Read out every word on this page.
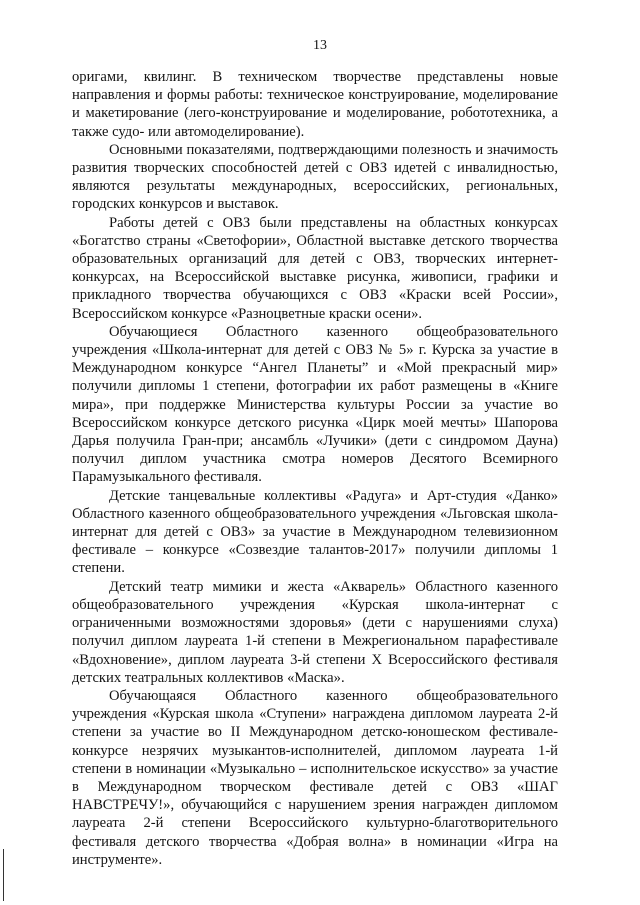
13

оригами, квилинг. В техническом творчестве представлены новые направления и формы работы: техническое конструирование, моделирование и макетирование (лего-конструирование и моделирование, робототехника, а также судо- или автомоделирование).

Основными показателями, подтверждающими полезность и значимость развития творческих способностей детей с ОВЗ идетей с инвалидностью, являются результаты международных, всероссийских, региональных, городских конкурсов и выставок.

Работы детей с ОВЗ были представлены на областных конкурсах «Богатство страны «Светофории», Областной выставке детского творчества образовательных организаций для детей с ОВЗ, творческих интернет-конкурсах, на Всероссийской выставке рисунка, живописи, графики и прикладного творчества обучающихся с ОВЗ «Краски всей России», Всероссийском конкурсе «Разноцветные краски осени».

Обучающиеся Областного казенного общеобразовательного учреждения «Школа-интернат для детей с ОВЗ № 5» г. Курска за участие в Международном конкурсе “Ангел Планеты” и «Мой прекрасный мир» получили дипломы 1 степени, фотографии их работ размещены в «Книге мира», при поддержке Министерства культуры России за участие во Всероссийском конкурсе детского рисунка «Цирк моей мечты» Шапорова Дарья получила Гран-при; ансамбль «Лучики» (дети с синдромом Дауна) получил диплом участника смотра номеров Десятого Всемирного Парамузыкального фестиваля.

Детские танцевальные коллективы «Радуга» и Арт-студия «Данко» Областного казенного общеобразовательного учреждения «Льговская школа-интернат для детей с ОВЗ» за участие в Международном телевизионном фестивале – конкурсе «Созвездие талантов-2017» получили дипломы 1 степени.

Детский театр мимики и жеста «Акварель» Областного казенного общеобразовательного учреждения «Курская школа-интернат с ограниченными возможностями здоровья» (дети с нарушениями слуха) получил диплом лауреата 1-й степени в Межрегиональном парафестивале «Вдохновение», диплом лауреата 3-й степени X Всероссийского фестиваля детских театральных коллективов «Маска».

Обучающаяся Областного казенного общеобразовательного учреждения «Курская школа «Ступени» награждена дипломом лауреата 2-й степени за участие во II Международном детско-юношеском фестивале-конкурсе незрячих музыкантов-исполнителей, дипломом лауреата 1-й степени в номинации «Музыкально – исполнительское искусство» за участие в Международном творческом фестивале детей с ОВЗ «ШАГ НАВСТРЕЧУ!», обучающийся с нарушением зрения награжден дипломом лауреата 2-й степени Всероссийского культурно-благотворительного фестиваля детского творчества «Добрая волна» в номинации «Игра на инструменте».
